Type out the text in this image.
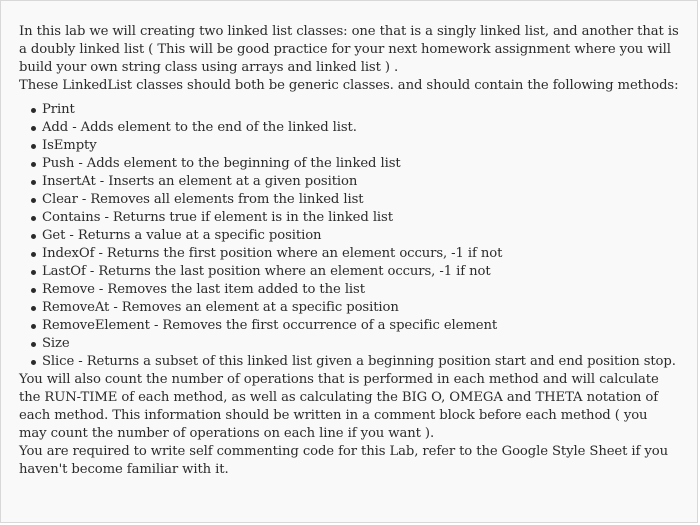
In this lab we will creating two linked list classes: one that is a singly linked list, and another that is a doubly linked list ( This will be good practice for your next homework assignment where you will build your own string class using arrays and linked list ) .

These LinkedList classes should both be generic classes. and should contain the following methods:

Print
Add - Adds element to the end of the linked list.
IsEmpty
Push - Adds element to the beginning of the linked list
InsertAt - Inserts an element at a given position
Clear - Removes all elements from the linked list
Contains - Returns true if element is in the linked list
Get - Returns a value at a specific position
IndexOf - Returns the first position where an element occurs, -1 if not
LastOf - Returns the last position where an element occurs, -1 if not
Remove - Removes the last item added to the list
RemoveAt - Removes an element at a specific position
RemoveElement - Removes the first occurrence of a specific element
Size
Slice - Returns a subset of this linked list given a beginning position start and end position stop.

You will also count the number of operations that is performed in each method and will calculate the RUN-TIME of each method, as well as calculating the BIG O, OMEGA and THETA notation of each method. This information should be written in a comment block before each method ( you may count the number of operations on each line if you want ).

You are required to write self commenting code for this Lab, refer to the Google Style Sheet if you haven't become familiar with it.
